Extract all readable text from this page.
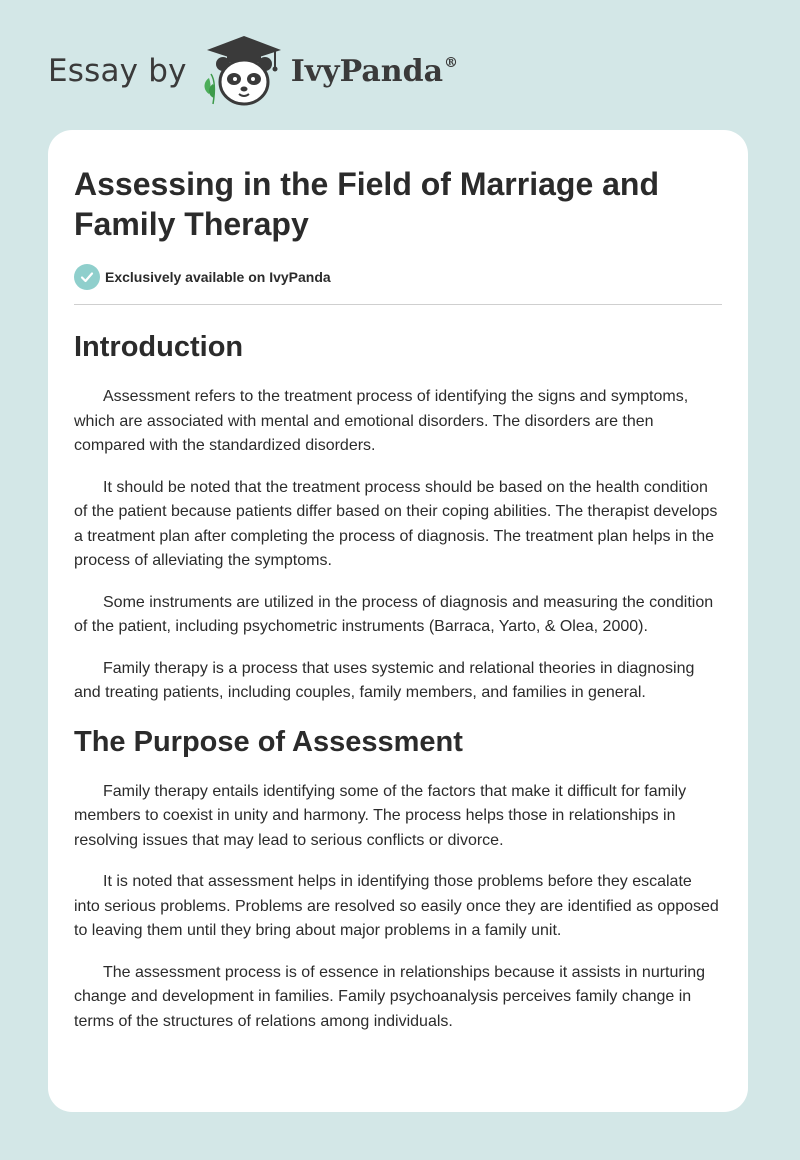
Essay by	IvyPanda®
Assessing in the Field of Marriage and Family Therapy
Exclusively available on IvyPanda
Introduction

Assessment refers to the treatment process of identifying the signs and symptoms, which are associated with mental and emotional disorders. The disorders are then compared with the standardized disorders.

It should be noted that the treatment process should be based on the health condition of the patient because patients differ based on their coping abilities. The therapist develops a treatment plan after completing the process of diagnosis. The treatment plan helps in the process of alleviating the symptoms.

Some instruments are utilized in the process of diagnosis and measuring the condition of the patient, including psychometric instruments (Barraca, Yarto, & Olea, 2000).

Family therapy is a process that uses systemic and relational theories in diagnosing and treating patients, including couples, family members, and families in general.

The Purpose of Assessment

Family therapy entails identifying some of the factors that make it difficult for family members to coexist in unity and harmony. The process helps those in relationships in resolving issues that may lead to serious conflicts or divorce.

It is noted that assessment helps in identifying those problems before they escalate into serious problems. Problems are resolved so easily once they are identified as opposed to leaving them until they bring about major problems in a family unit.

The assessment process is of essence in relationships because it assists in nurturing change and development in families. Family psychoanalysis perceives family change in terms of the structures of relations among individuals.
